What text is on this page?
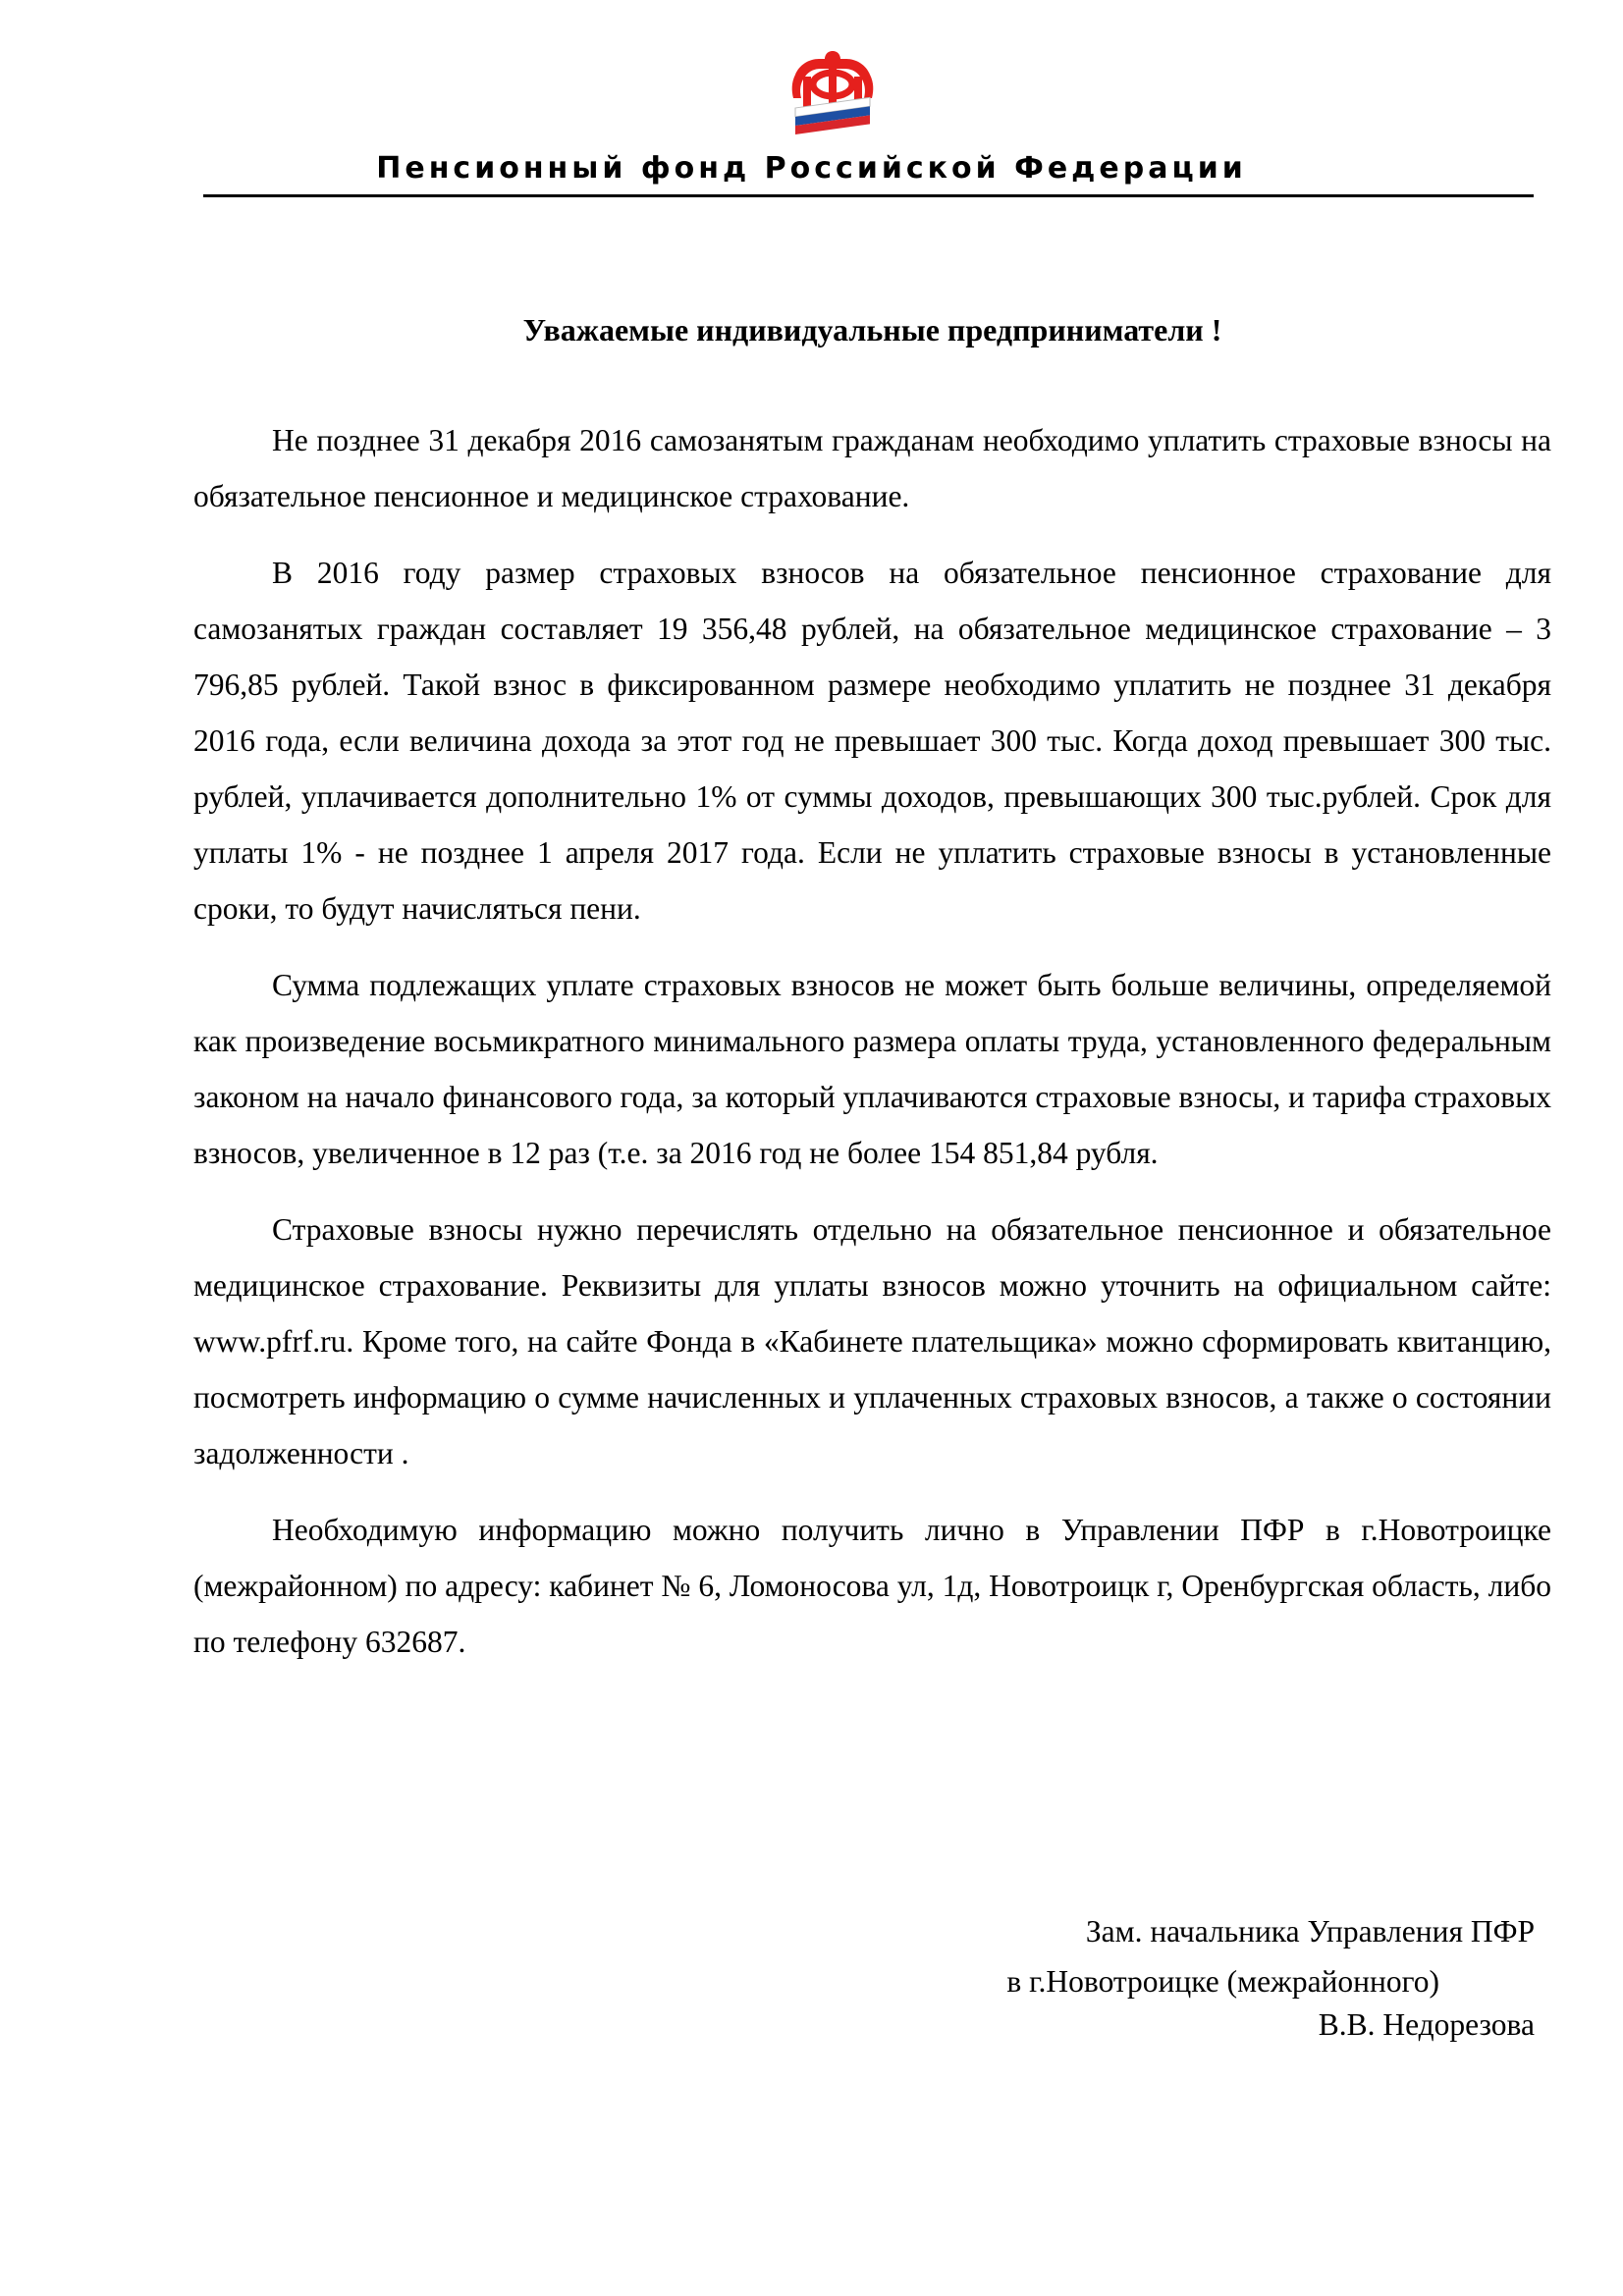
Пенсионный фонд Российской Федерации
Уважаемые индивидуальные предприниматели !

Не позднее 31 декабря 2016 самозанятым гражданам необходимо уплатить страховые взносы на обязательное пенсионное и медицинское страхование.

В 2016 году размер страховых взносов на обязательное пенсионное страхование для самозанятых граждан составляет 19 356,48 рублей, на обязательное медицинское страхование – 3 796,85 рублей. Такой взнос в фиксированном размере необходимо уплатить не позднее 31 декабря 2016 года, если величина дохода за этот год не превышает 300 тыс. Когда доход превышает 300 тыс. рублей, уплачивается дополнительно 1% от суммы доходов, превышающих 300 тыс.рублей. Срок для уплаты 1% - не позднее 1 апреля 2017 года. Если не уплатить страховые взносы в установленные сроки, то будут начисляться пени.

Сумма подлежащих уплате страховых взносов не может быть больше величины, определяемой как произведение восьмикратного минимального размера оплаты труда, установленного федеральным законом на начало финансового года, за который уплачиваются страховые взносы, и тарифа страховых взносов, увеличенное в 12 раз (т.е. за 2016 год не более 154 851,84 рубля.

Страховые взносы нужно перечислять отдельно на обязательное пенсионное и обязательное медицинское страхование. Реквизиты для уплаты взносов можно уточнить на официальном сайте: www.pfrf.ru. Кроме того, на сайте Фонда в «Кабинете плательщика» можно сформировать квитанцию, посмотреть информацию о сумме начисленных и уплаченных страховых взносов, а также о состоянии задолженности .

Необходимую информацию можно получить лично в Управлении ПФР в г.Новотроицке (межрайонном) по адресу: кабинет № 6, Ломоносова ул, 1д, Новотроицк г, Оренбургская область, либо по телефону 632687.

Зам. начальника Управления ПФР
в г.Новотроицке (межрайонного)
В.В. Недорезова
